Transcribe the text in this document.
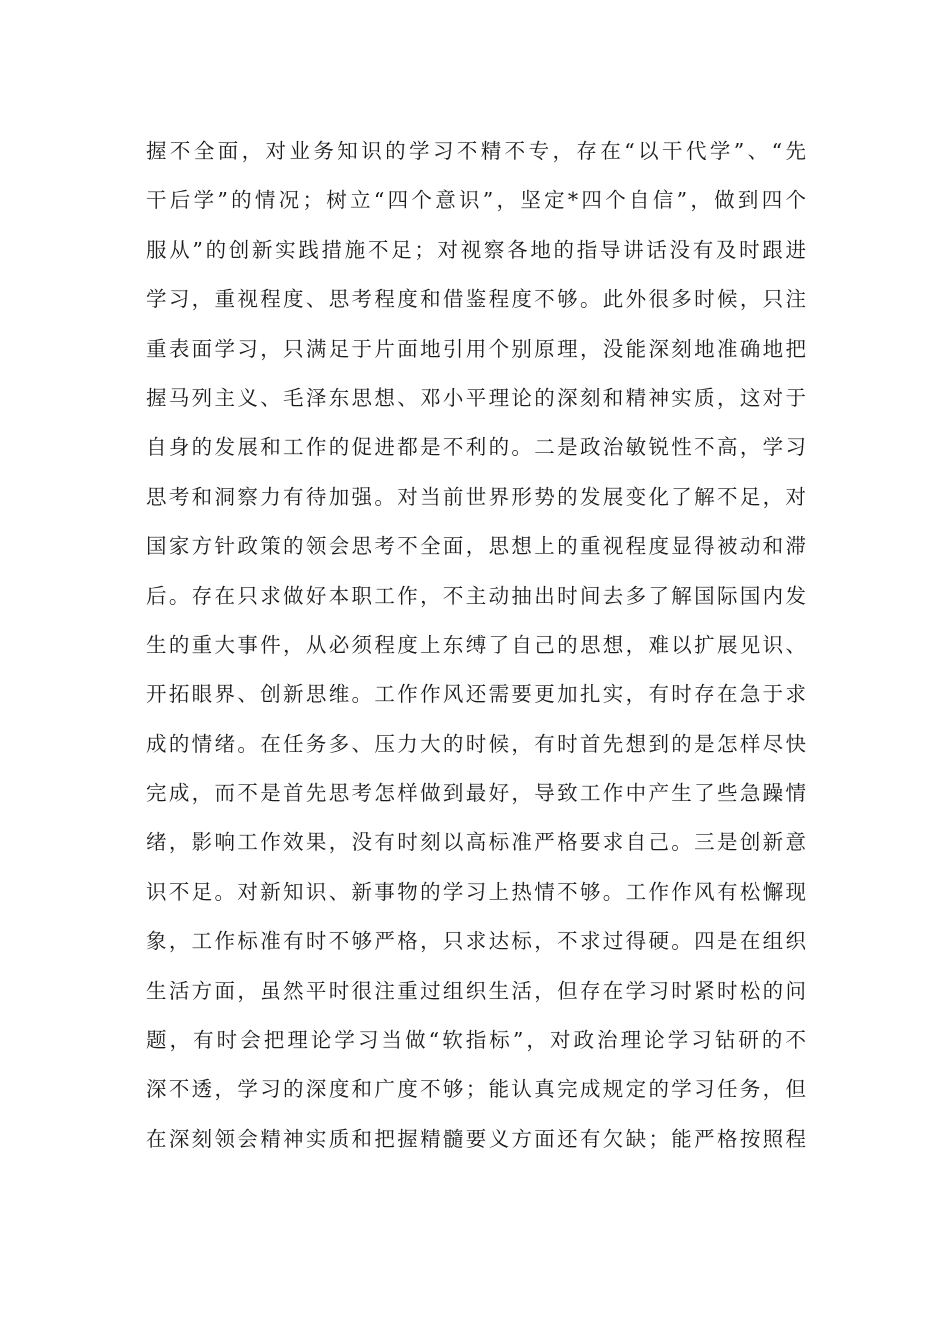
握不全面，对业务知识的学习不精不专，存在“以干代学”、“先
干后学”的情况；树立“四个意识”，坚定*四个自信”，做到四个
服从”的创新实践措施不足；对视察各地的指导讲话没有及时跟进
学习，重视程度、思考程度和借鉴程度不够。此外很多时候，只注
重表面学习，只满足于片面地引用个别原理，没能深刻地准确地把
握马列主义、毛泽东思想、邓小平理论的深刻和精神实质，这对于
自身的发展和工作的促进都是不利的。二是政治敏锐性不高，学习
思考和洞察力有待加强。对当前世界形势的发展变化了解不足，对
国家方针政策的领会思考不全面，思想上的重视程度显得被动和滞
后。存在只求做好本职工作，不主动抽出时间去多了解国际国内发
生的重大事件，从必须程度上东缚了自己的思想，难以扩展见识、
开拓眼界、创新思维。工作作风还需要更加扎实，有时存在急于求
成的情绪。在任务多、压力大的时候，有时首先想到的是怎样尽快
完成，而不是首先思考怎样做到最好，导致工作中产生了些急躁情
绪，影响工作效果，没有时刻以高标准严格要求自己。三是创新意
识不足。对新知识、新事物的学习上热情不够。工作作风有松懈现
象，工作标准有时不够严格，只求达标，不求过得硬。四是在组织
生活方面，虽然平时很注重过组织生活，但存在学习时紧时松的问
题，有时会把理论学习当做“软指标”，对政治理论学习钻研的不
深不透，学习的深度和广度不够；能认真完成规定的学习任务，但
在深刻领会精神实质和把握精髓要义方面还有欠缺；能严格按照程
